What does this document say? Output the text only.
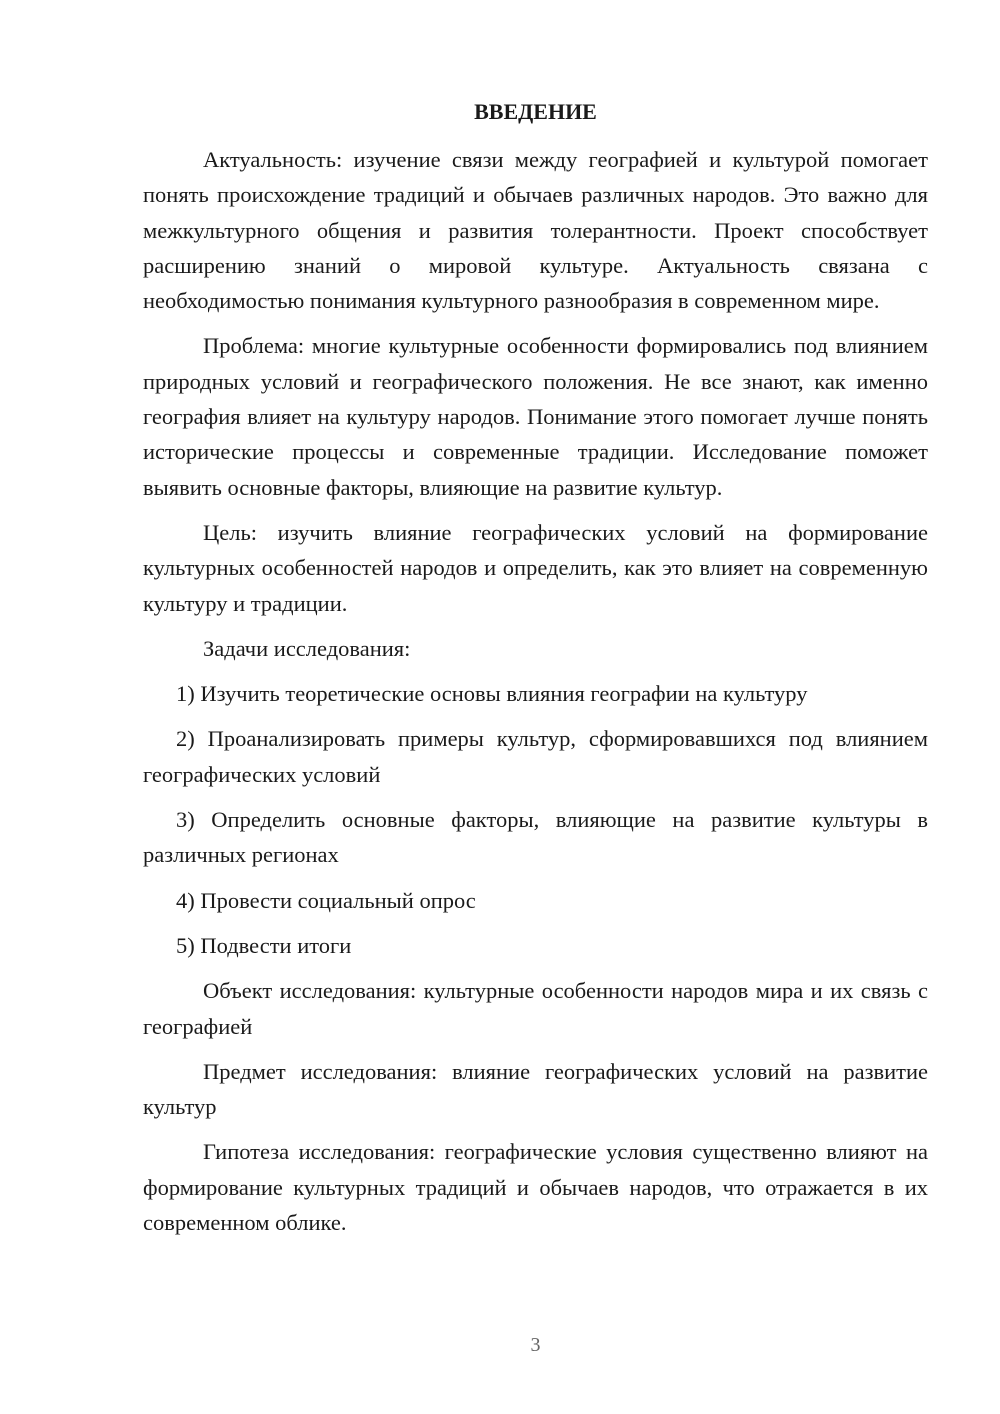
ВВЕДЕНИЕ

Актуальность: изучение связи между географией и культурой помогает понять происхождение традиций и обычаев различных народов. Это важно для межкультурного общения и развития толерантности. Проект способствует расширению знаний о мировой культуре. Актуальность связана с необходимостью понимания культурного разнообразия в современном мире.

Проблема: многие культурные особенности формировались под влиянием природных условий и географического положения. Не все знают, как именно география влияет на культуру народов. Понимание этого помогает лучше понять исторические процессы и современные традиции. Исследование поможет выявить основные факторы, влияющие на развитие культур.

Цель: изучить влияние географических условий на формирование культурных особенностей народов и определить, как это влияет на современную культуру и традиции.

Задачи исследования:

1) Изучить теоретические основы влияния географии на культуру

2) Проанализировать примеры культур, сформировавшихся под влиянием географических условий

3) Определить основные факторы, влияющие на развитие культуры в различных регионах

4) Провести социальный опрос

5) Подвести итоги

Объект исследования: культурные особенности народов мира и их связь с географией

Предмет исследования: влияние географических условий на развитие культур

Гипотеза исследования: географические условия существенно влияют на формирование культурных традиций и обычаев народов, что отражается в их современном облике.

3
